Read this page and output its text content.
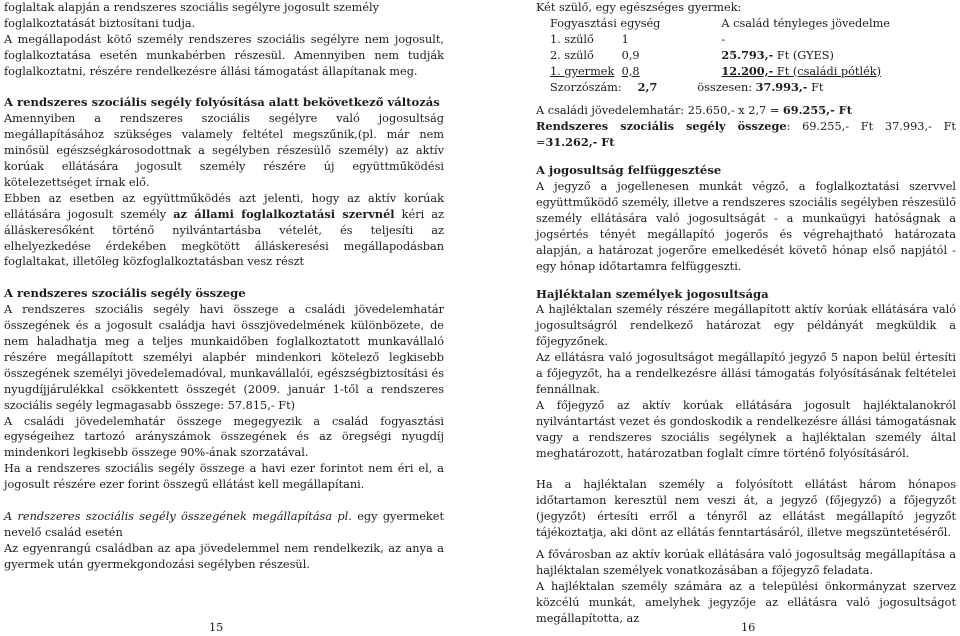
foglaltak alapján a rendszeres szociális segélyre jogosult személy

foglalkoztatását biztosítani tudja.

A megállapodást kötő személy rendszeres szociális segélyre nem jogosult, foglalkoztatása esetén munkabérben részesül. Amennyiben nem tudják foglalkoztatni, részére rendelkezésre állási támogatást állapítanak meg.

A rendszeres szociális segély folyósítása alatt bekövetkező változás

Amennyiben a rendszeres szociális segélyre való jogosultság megállapításához szükséges valamely feltétel megszűnik,(pl. már nem minősül egészségkárosodottnak a segélyben részesülő személy) az aktív korúak ellátására jogosult személy részére új együttműködési kötelezettséget írnak elő.

Ebben az esetben az együttműködés azt jelenti, hogy az aktív korúak ellátására jogosult személy az állami foglalkoztatási szervnél kéri az álláskeresőként történő nyilvántartásba vételét, és teljesíti az elhelyezkedése érdekében megkötött álláskeresési megállapodásban foglaltakat, illetőleg közfoglalkoztatásban vesz részt

A rendszeres szociális segély összege

A rendszeres szociális segély havi összege a családi jövedelemhatár összegének és a jogosult családja havi összjövedelmének különbözete, de nem haladhatja meg a teljes munkaidőben foglalkoztatott munkavállaló részére megállapított személyi alapbér mindenkori kötelező legkisebb összegének személyi jövedelemadóval, munkavállalói, egészségbiztosítási és nyugdíjjárulékkal csökkentett összegét (2009. január 1-től a rendszeres szociális segély legmagasabb összege: 57.815,- Ft)

A családi jövedelemhatár összege megegyezik a család fogyasztási egységeihez tartozó arányszámok összegének és az öregségi nyugdíj mindenkori legkisebb összege 90%-ának szorzatával.

Ha a rendszeres szociális segély összege a havi ezer forintot nem éri el, a jogosult részére ezer forint összegű ellátást kell megállapítani.

A rendszeres szociális segély összegének megállapítása pl. egy gyermeket nevelő család esetén

Az egyenrangú családban az apa jövedelemmel nem rendelkezik, az anya a gyermek után gyermekgondozási segélyben részesül.

15

Két szülő, egy egészséges gyermek:

Fogyasztási egység		A család tényleges jövedelme
1. szülő	1	-
2. szülő	0,9	25.793,- Ft (GYES)
1. gyermek	0,8	12.200,- Ft (családi pótlék)
Szorzószám:	2,7	összesen: 37.993,- Ft

A családi jövedelemhatár: 25.650,- x 2,7 = 69.255,- Ft

Rendszeres szociális segély összege: 69.255,- Ft 37.993,- Ft =31.262,- Ft

A jogosultság felfüggesztése

A jegyző a jogellenesen munkát végző, a foglalkoztatási szervvel együttműködő személy, illetve a rendszeres szociális segélyben részesülő személy ellátására való jogosultságát - a munkaügyi hatóságnak a jogsértés tényét megállapító jogerős és végrehajtható határozata alapján, a határozat jogerőre emelkedését követő hónap első napjától - egy hónap időtartamra felfüggeszti.

Hajléktalan személyek jogosultsága

A hajléktalan személy részére megállapított aktív korúak ellátására való jogosultságról rendelkező határozat egy példányát megküldik a főjegyzőnek.

Az ellátásra való jogosultságot megállapító jegyző 5 napon belül értesíti a főjegyzőt, ha a rendelkezésre állási támogatás folyósításának feltételei fennállnak.

A főjegyző az aktív korúak ellátására jogosult hajléktalanokról nyilvántartást vezet és gondoskodik a rendelkezésre állási támogatásnak vagy a rendszeres szociális segélynek a hajléktalan személy által meghatározott, határozatban foglalt címre történő folyósításáról.

Ha a hajléktalan személy a folyósított ellátást három hónapos időtartamon keresztül nem veszi át, a jegyző (főjegyző) a főjegyzőt (jegyzőt) értesíti erről a tényről az ellátást megállapító jegyzőt tájékoztatja, aki dönt az ellátás fenntartásáról, illetve megszüntetéséről.

A fővárosban az aktív korúak ellátására való jogosultság megállapítása a hajléktalan személyek vonatkozásában a főjegyző feladata.

A hajléktalan személy számára az a települési önkormányzat szervez közcélú munkát, amelyhek jegyzője az ellátásra való jogosultságot megállapította, az

16
